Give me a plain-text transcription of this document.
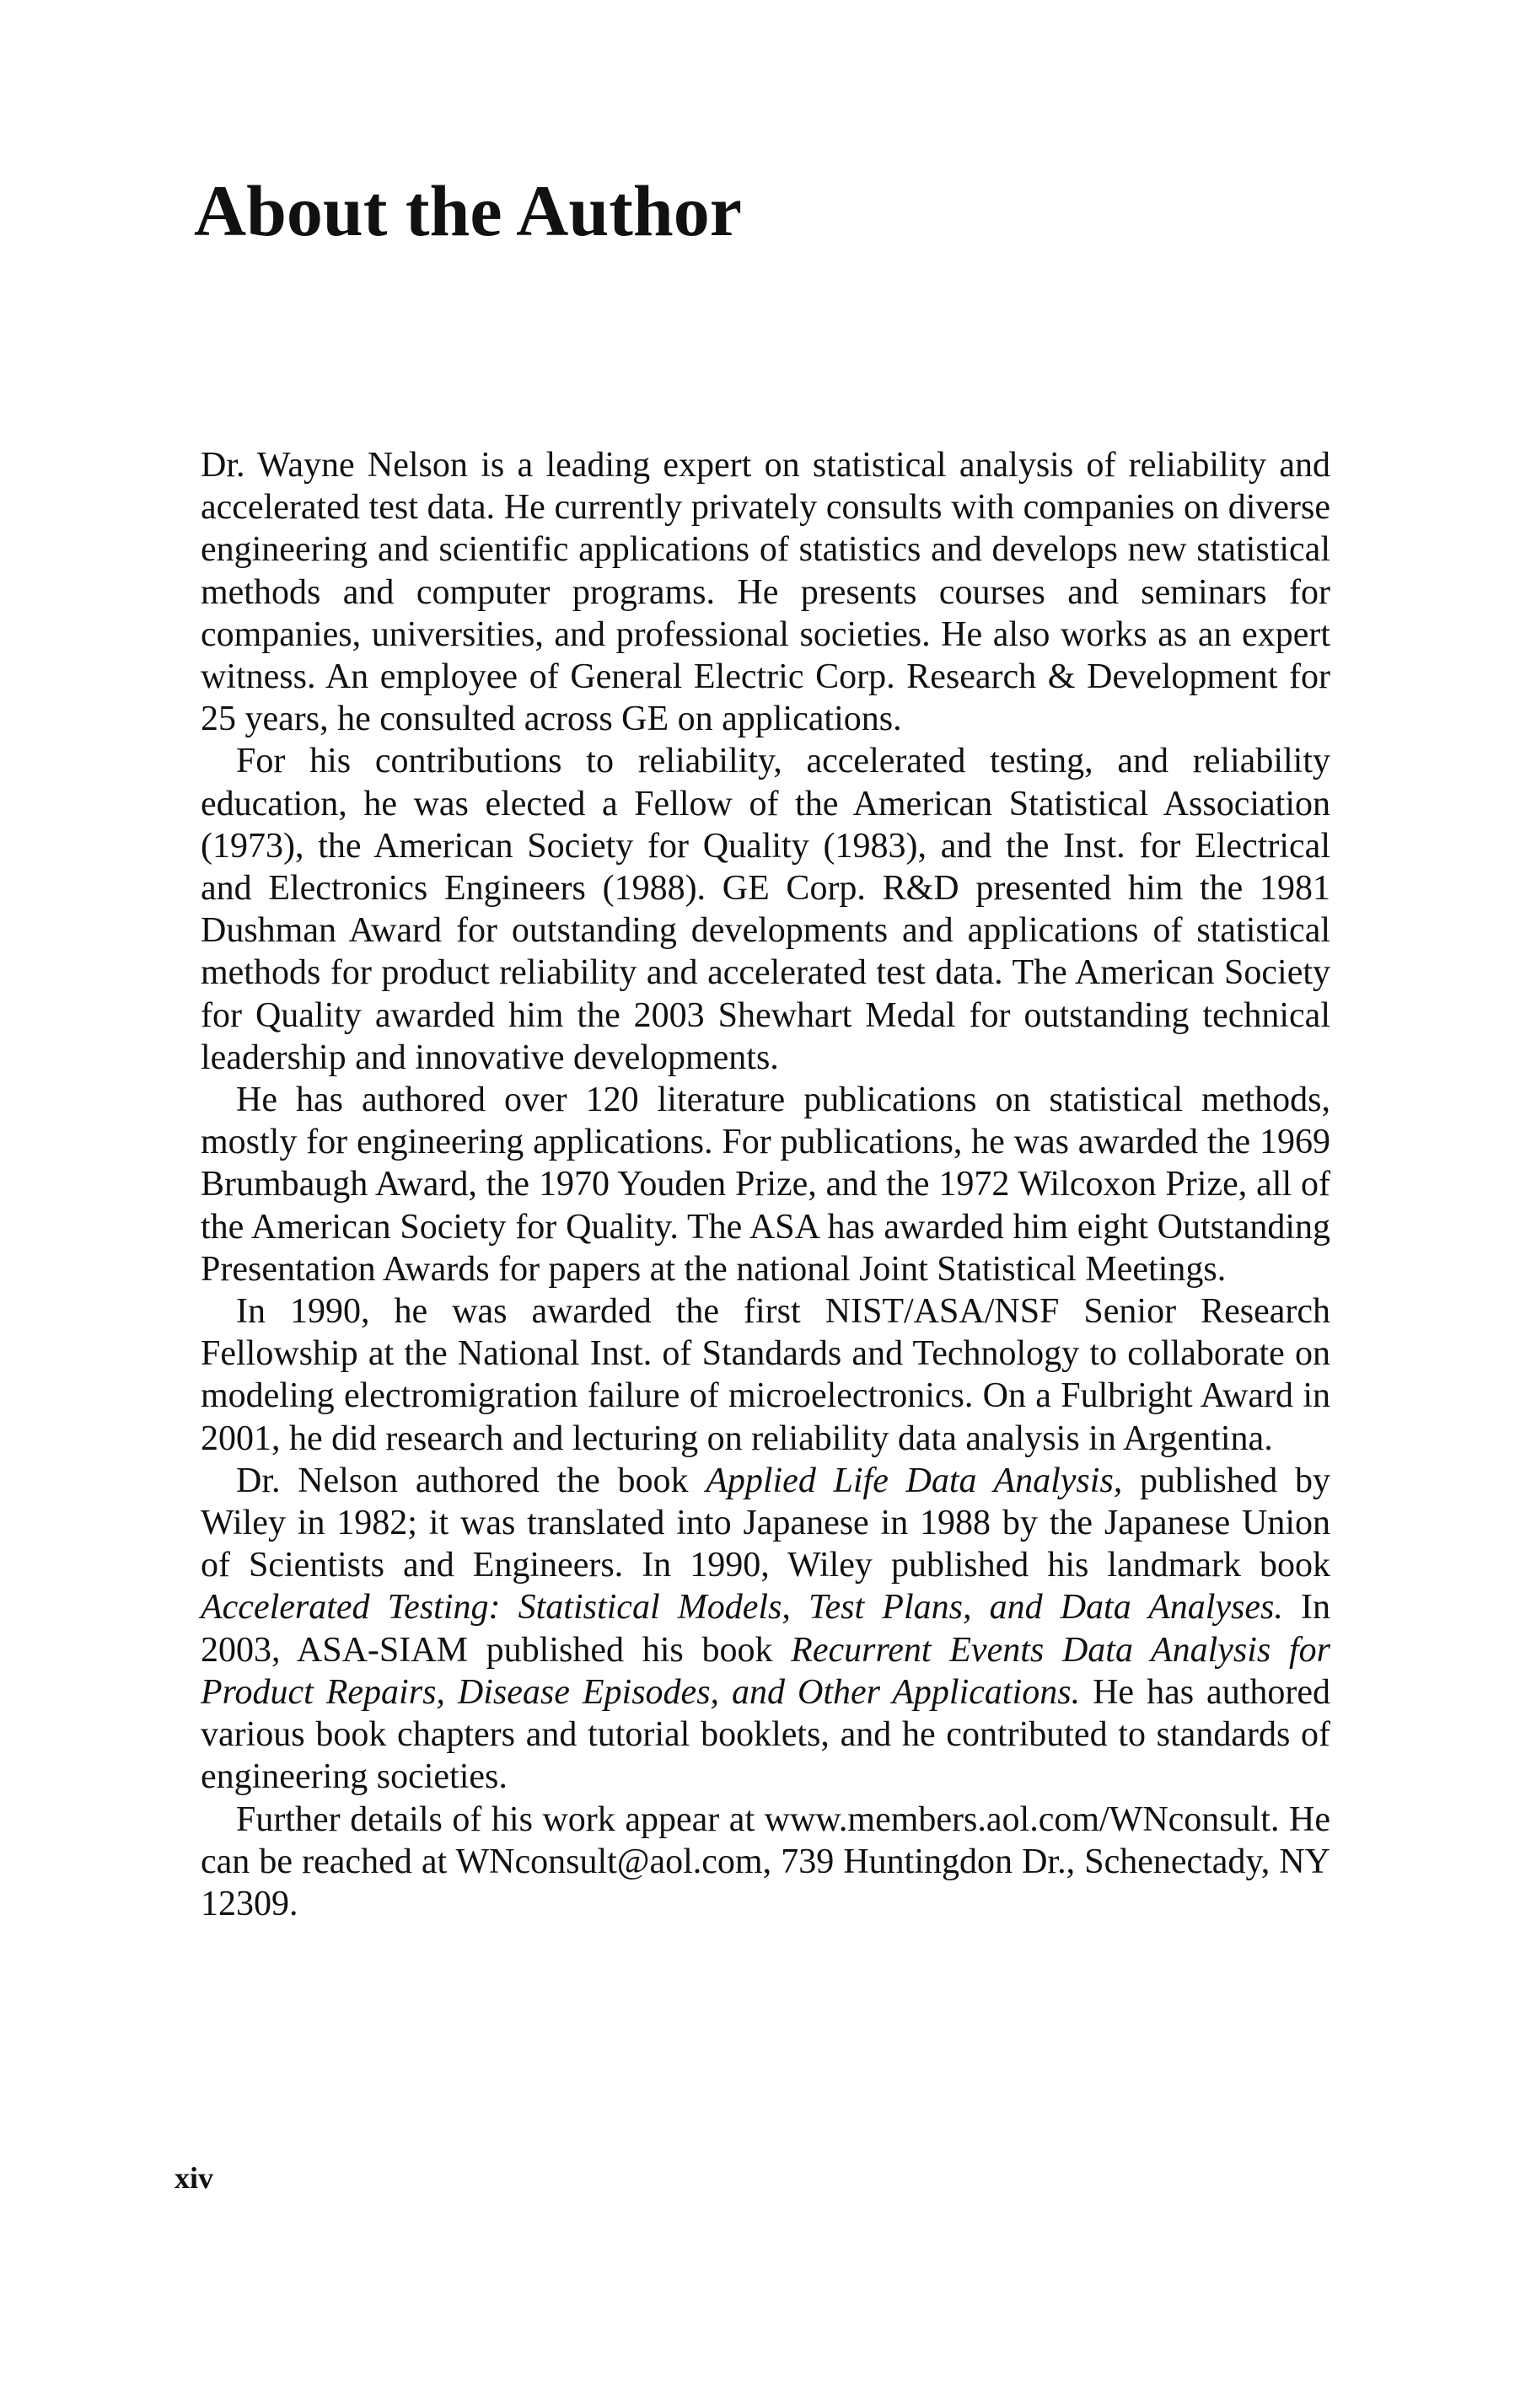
About the Author

Dr. Wayne Nelson is a leading expert on statistical analysis of reliability and accelerated test data. He currently privately consults with companies on diverse engineering and scientific applications of statistics and develops new statistical methods and computer programs. He presents courses and seminars for companies, universities, and professional societies. He also works as an expert witness. An employee of General Electric Corp. Research & Development for 25 years, he consulted across GE on applications.

For his contributions to reliability, accelerated testing, and reliability education, he was elected a Fellow of the American Statistical Association (1973), the American Society for Quality (1983), and the Inst. for Electrical and Electronics Engineers (1988). GE Corp. R&D presented him the 1981 Dushman Award for outstanding developments and applications of statistical methods for product reliability and accelerated test data. The American Society for Quality awarded him the 2003 Shewhart Medal for outstanding technical leadership and innovative developments.

He has authored over 120 literature publications on statistical methods, mostly for engineering applications. For publications, he was awarded the 1969 Brumbaugh Award, the 1970 Youden Prize, and the 1972 Wilcoxon Prize, all of the American Society for Quality. The ASA has awarded him eight Outstanding Presentation Awards for papers at the national Joint Statistical Meetings.

In 1990, he was awarded the first NIST/ASA/NSF Senior Research Fellowship at the National Inst. of Standards and Technology to collaborate on modeling electromigration failure of microelectronics. On a Fulbright Award in 2001, he did research and lecturing on reliability data analysis in Argentina.

Dr. Nelson authored the book Applied Life Data Analysis, published by Wiley in 1982; it was translated into Japanese in 1988 by the Japanese Union of Scientists and Engineers. In 1990, Wiley published his landmark book Accelerated Testing: Statistical Models, Test Plans, and Data Analyses. In 2003, ASA-SIAM published his book Recurrent Events Data Analysis for Product Repairs, Disease Episodes, and Other Applications. He has authored various book chapters and tutorial booklets, and he contributed to standards of engineering societies.

Further details of his work appear at www.members.aol.com/WNconsult. He can be reached at WNconsult@aol.com, 739 Huntingdon Dr., Schenectady, NY 12309.

xiv
